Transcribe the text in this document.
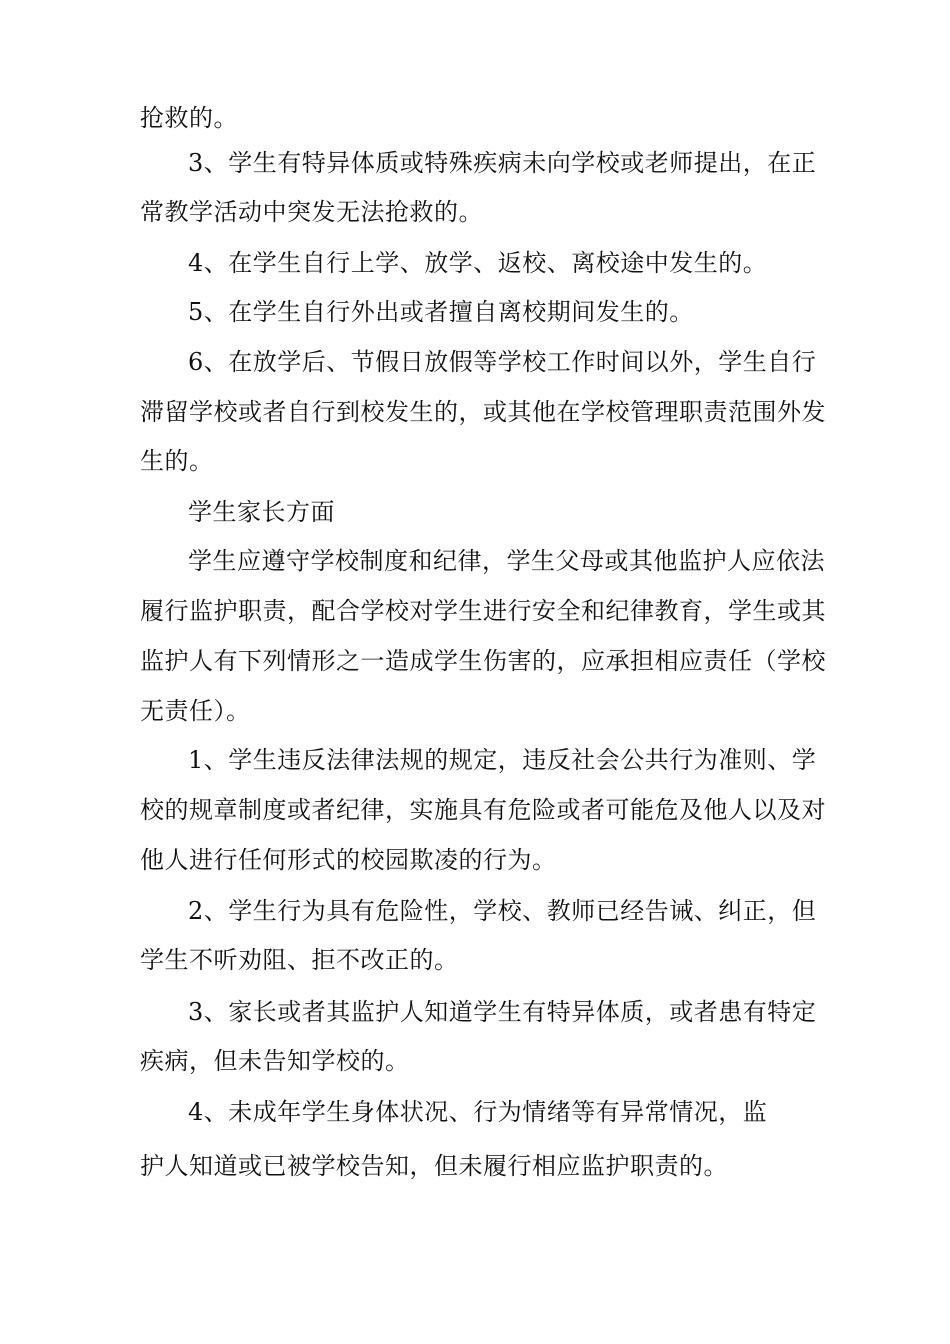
抢救的。
3、学生有特异体质或特殊疾病未向学校或老师提出，在正
常教学活动中突发无法抢救的。
4、在学生自行上学、放学、返校、离校途中发生的。
5、在学生自行外出或者擅自离校期间发生的。
6、在放学后、节假日放假等学校工作时间以外，学生自行
滞留学校或者自行到校发生的，或其他在学校管理职责范围外发
生的。
学生家长方面
学生应遵守学校制度和纪律，学生父母或其他监护人应依法
履行监护职责，配合学校对学生进行安全和纪律教育，学生或其
监护人有下列情形之一造成学生伤害的，应承担相应责任（学校
无责任）。
1、学生违反法律法规的规定，违反社会公共行为准则、学
校的规章制度或者纪律，实施具有危险或者可能危及他人以及对
他人进行任何形式的校园欺凌的行为。
2、学生行为具有危险性，学校、教师已经告诫、纠正，但
学生不听劝阻、拒不改正的。
3、家长或者其监护人知道学生有特异体质，或者患有特定
疾病，但未告知学校的。
4、未成年学生身体状况、行为情绪等有异常情况，监
护人知道或已被学校告知，但未履行相应监护职责的。
